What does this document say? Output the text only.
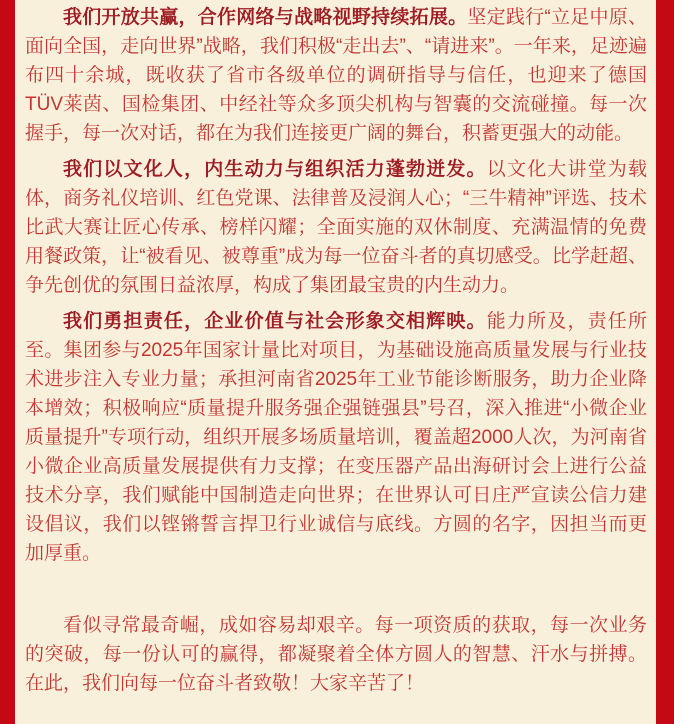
我们开放共赢，合作网络与战略视野持续拓展。坚定践行“立足中原、面向全国，走向世界”战略，我们积极“走出去”、“请进来”。一年来，足迹遍布四十余城，既收获了省市各级单位的调研指导与信任，也迎来了德国TÜV莱茵、国检集团、中经社等众多顶尖机构与智囊的交流碰撞。每一次握手，每一次对话，都在为我们连接更广阔的舞台，积蓄更强大的动能。

我们以文化人，内生动力与组织活力蓬勃迸发。以文化大讲堂为载体，商务礼仪培训、红色党课、法律普及浸润人心；“三牛精神”评选、技术比武大赛让匠心传承、榜样闪耀；全面实施的双休制度、充满温情的免费用餐政策，让“被看见、被尊重”成为每一位奋斗者的真切感受。比学赶超、争先创优的氛围日益浓厚，构成了集团最宝贵的内生动力。

我们勇担责任，企业价值与社会形象交相辉映。能力所及，责任所至。集团参与2025年国家计量比对项目，为基础设施高质量发展与行业技术进步注入专业力量；承担河南省2025年工业节能诊断服务，助力企业降本增效；积极响应“质量提升服务强企强链强县”号召，深入推进“小微企业质量提升”专项行动，组织开展多场质量培训，覆盖超2000人次，为河南省小微企业高质量发展提供有力支撑；在变压器产品出海研讨会上进行公益技术分享，我们赋能中国制造走向世界；在世界认可日庄严宣读公信力建设倡议，我们以铿锵誓言捍卫行业诚信与底线。方圆的名字，因担当而更加厚重。

看似寻常最奇崛，成如容易却艰辛。每一项资质的获取，每一次业务的突破，每一份认可的赢得，都凝聚着全体方圆人的智慧、汗水与拼搏。在此，我们向每一位奋斗者致敬！大家辛苦了！
